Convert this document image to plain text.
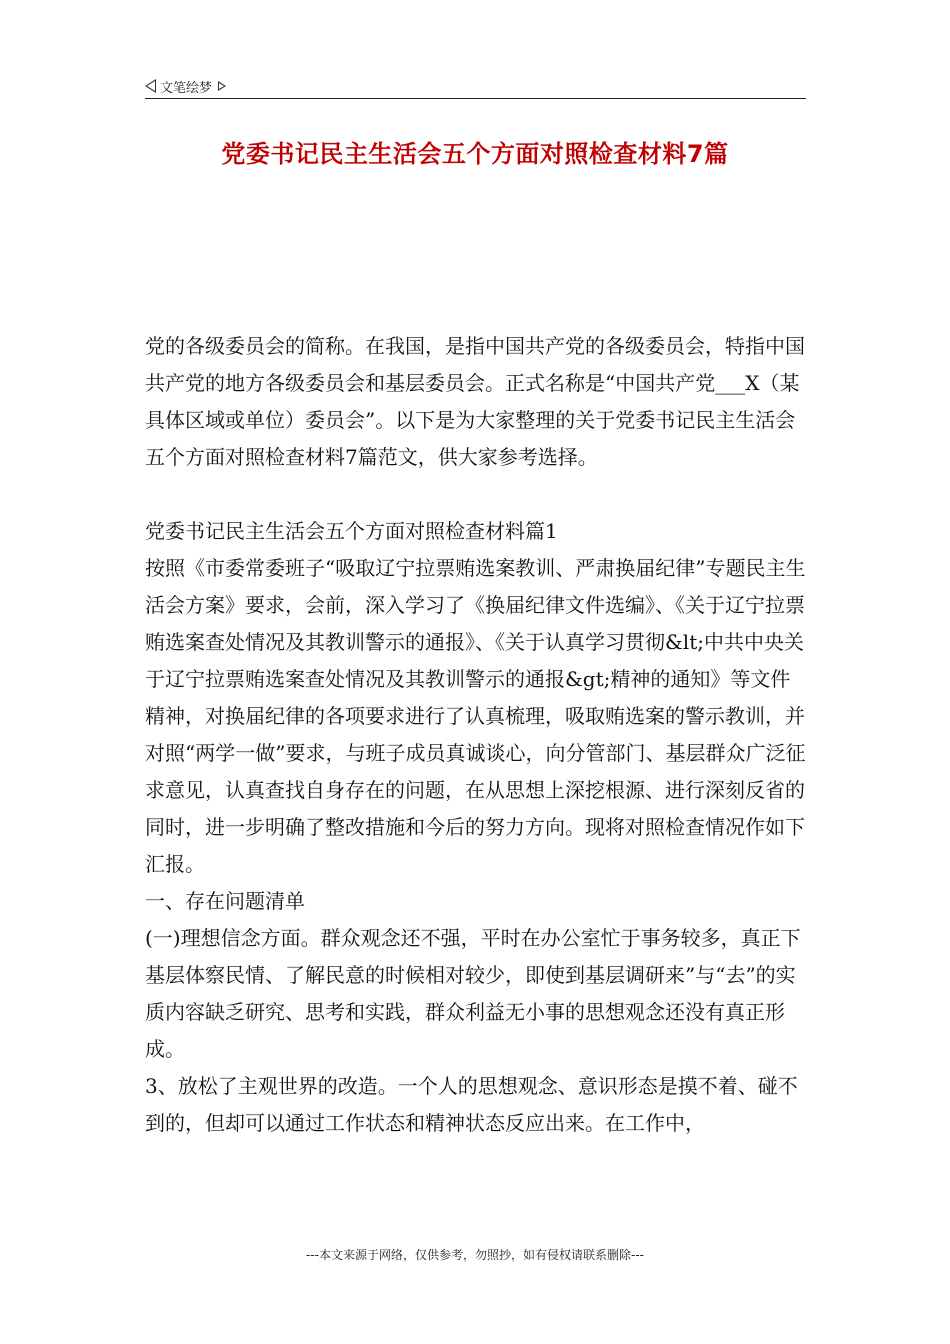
文笔绘梦
党委书记民主生活会五个方面对照检查材料7篇

党的各级委员会的简称。在我国，是指中国共产党的各级委员会，特指中国共产党的地方各级委员会和基层委员会。正式名称是“中国共产党___X（某具体区域或单位）委员会”。以下是为大家整理的关于党委书记民主生活会五个方面对照检查材料7篇范文，供大家参考选择。

党委书记民主生活会五个方面对照检查材料篇1

按照《市委常委班子“吸取辽宁拉票贿选案教训、严肃换届纪律”专题民主生活会方案》要求，会前，深入学习了《换届纪律文件选编》、《关于辽宁拉票贿选案查处情况及其教训警示的通报》、《关于认真学习贯彻&lt;中共中央关于辽宁拉票贿选案查处情况及其教训警示的通报&gt;精神的通知》等文件精神，对换届纪律的各项要求进行了认真梳理，吸取贿选案的警示教训，并对照“两学一做”要求，与班子成员真诚谈心，向分管部门、基层群众广泛征求意见，认真查找自身存在的问题，在从思想上深挖根源、进行深刻反省的同时，进一步明确了整改措施和今后的努力方向。现将对照检查情况作如下汇报。

一、存在问题清单

(一)理想信念方面。群众观念还不强，平时在办公室忙于事务较多，真正下基层体察民情、了解民意的时候相对较少，即使到基层调研来”与“去”的实质内容缺乏研究、思考和实践，群众利益无小事的思想观念还没有真正形成。

3、放松了主观世界的改造。一个人的思想观念、意识形态是摸不着、碰不到的，但却可以通过工作状态和精神状态反应出来。在工作中，

---本文来源于网络，仅供参考，勿照抄，如有侵权请联系删除---
